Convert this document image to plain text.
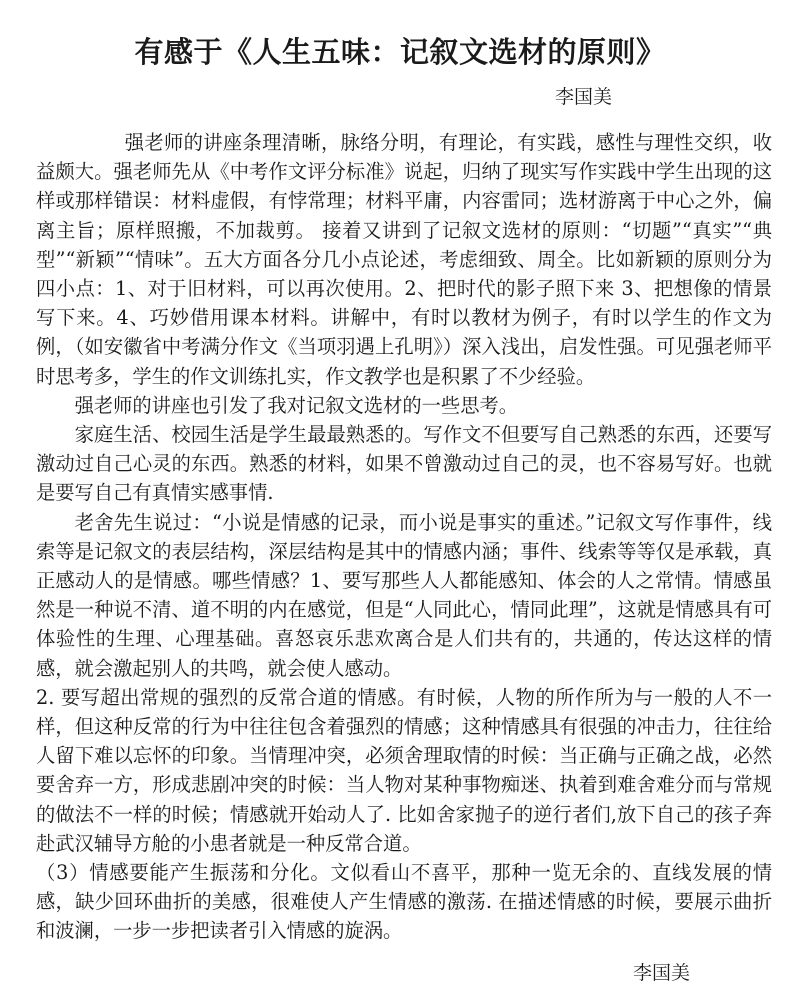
有感于《人生五味：记叙文选材的原则》
李国美

强老师的讲座条理清晰，脉络分明，有理论，有实践，感性与理性交织，收益颇大。强老师先从《中考作文评分标准》说起，归纳了现实写作实践中学生出现的这样或那样错误：材料虚假，有悖常理；材料平庸，内容雷同；选材游离于中心之外，偏离主旨；原样照搬，不加裁剪。 接着又讲到了记叙文选材的原则：“切题”“真实”“典型”“新颖”“情味”。五大方面各分几小点论述，考虑细致、周全。比如新颖的原则分为四小点：1、对于旧材料，可以再次使用。2、把时代的影子照下来 3、把想像的情景写下来。4、巧妙借用课本材料。讲解中，有时以教材为例子，有时以学生的作文为例，（如安徽省中考满分作文《当项羽遇上孔明》）深入浅出，启发性强。可见强老师平时思考多，学生的作文训练扎实，作文教学也是积累了不少经验。

强老师的讲座也引发了我对记叙文选材的一些思考。

家庭生活、校园生活是学生最最熟悉的。写作文不但要写自己熟悉的东西，还要写激动过自己心灵的东西。熟悉的材料，如果不曾激动过自己的灵，也不容易写好。也就是要写自己有真情实感事情.

老舍先生说过：“小说是情感的记录，而小说是事实的重述。”记叙文写作事件，线索等是记叙文的表层结构，深层结构是其中的情感内涵；事件、线索等等仅是承载，真正感动人的是情感。哪些情感？1、要写那些人人都能感知、体会的人之常情。情感虽然是一种说不清、道不明的内在感觉，但是“人同此心，情同此理”，这就是情感具有可体验性的生理、心理基础。喜怒哀乐悲欢离合是人们共有的，共通的，传达这样的情感，就会激起别人的共鸣，就会使人感动。

2. 要写超出常规的强烈的反常合道的情感。有时候，人物的所作所为与一般的人不一样，但这种反常的行为中往往包含着强烈的情感；这种情感具有很强的冲击力，往往给人留下难以忘怀的印象。当情理冲突，必须舍理取情的时候：当正确与正确之战，必然要舍弃一方，形成悲剧冲突的时候：当人物对某种事物痴迷、执着到难舍难分而与常规的做法不一样的时候；情感就开始动人了. 比如舍家抛子的逆行者们,放下自己的孩子奔赴武汉辅导方舱的小患者就是一种反常合道。

（3）情感要能产生振荡和分化。文似看山不喜平，那种一览无余的、直线发展的情感，缺少回环曲折的美感，很难使人产生情感的激荡. 在描述情感的时候，要展示曲折和波澜，一步一步把读者引入情感的旋涡。

李国美
